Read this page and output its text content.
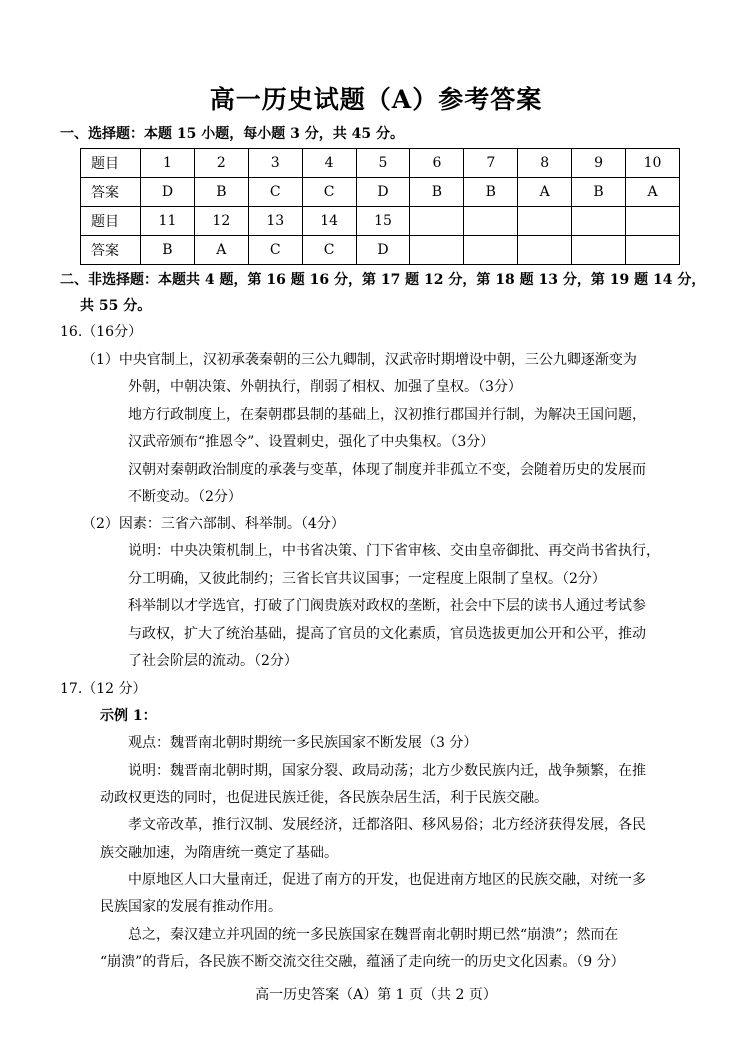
高一历史试题（A）参考答案
一、选择题：本题 15 小题，每小题 3 分，共 45 分。
题目	1	2	3	4	5	6	7	8	9	10
答案	D	B	C	C	D	B	B	A	B	A
题目	11	12	13	14	15					
答案	B	A	C	C	D					
二、非选择题：本题共 4 题，第 16 题 16 分，第 17 题 12 分，第 18 题 13 分，第 19 题 14 分，
共 55 分。
16.（16分）
（1）中央官制上，汉初承袭秦朝的三公九卿制，汉武帝时期增设中朝，三公九卿逐渐变为
外朝，中朝决策、外朝执行，削弱了相权、加强了皇权。（3分）
地方行政制度上，在秦朝郡县制的基础上，汉初推行郡国并行制，为解决王国问题，
汉武帝颁布“推恩令”、设置刺史，强化了中央集权。（3分）
汉朝对秦朝政治制度的承袭与变革，体现了制度并非孤立不变，会随着历史的发展而
不断变动。（2分）
（2）因素：三省六部制、科举制。（4分）
说明：中央决策机制上，中书省决策、门下省审核、交由皇帝御批、再交尚书省执行，
分工明确，又彼此制约；三省长官共议国事；一定程度上限制了皇权。（2分）
科举制以才学选官，打破了门阀贵族对政权的垄断，社会中下层的读书人通过考试参
与政权，扩大了统治基础，提高了官员的文化素质，官员选拔更加公开和公平，推动
了社会阶层的流动。（2分）
17.（12 分）
示例 1：
观点：魏晋南北朝时期统一多民族国家不断发展（3 分）
说明：魏晋南北朝时期，国家分裂、政局动荡；北方少数民族内迁，战争频繁，在推
动政权更迭的同时，也促进民族迁徙，各民族杂居生活，利于民族交融。
孝文帝改革，推行汉制、发展经济，迁都洛阳、移风易俗；北方经济获得发展，各民
族交融加速，为隋唐统一奠定了基础。
中原地区人口大量南迁，促进了南方的开发，也促进南方地区的民族交融，对统一多
民族国家的发展有推动作用。
总之，秦汉建立并巩固的统一多民族国家在魏晋南北朝时期已然“崩溃”；然而在
“崩溃”的背后，各民族不断交流交往交融，蕴涵了走向统一的历史文化因素。（9 分）
高一历史答案（A）第 1 页（共 2 页）
